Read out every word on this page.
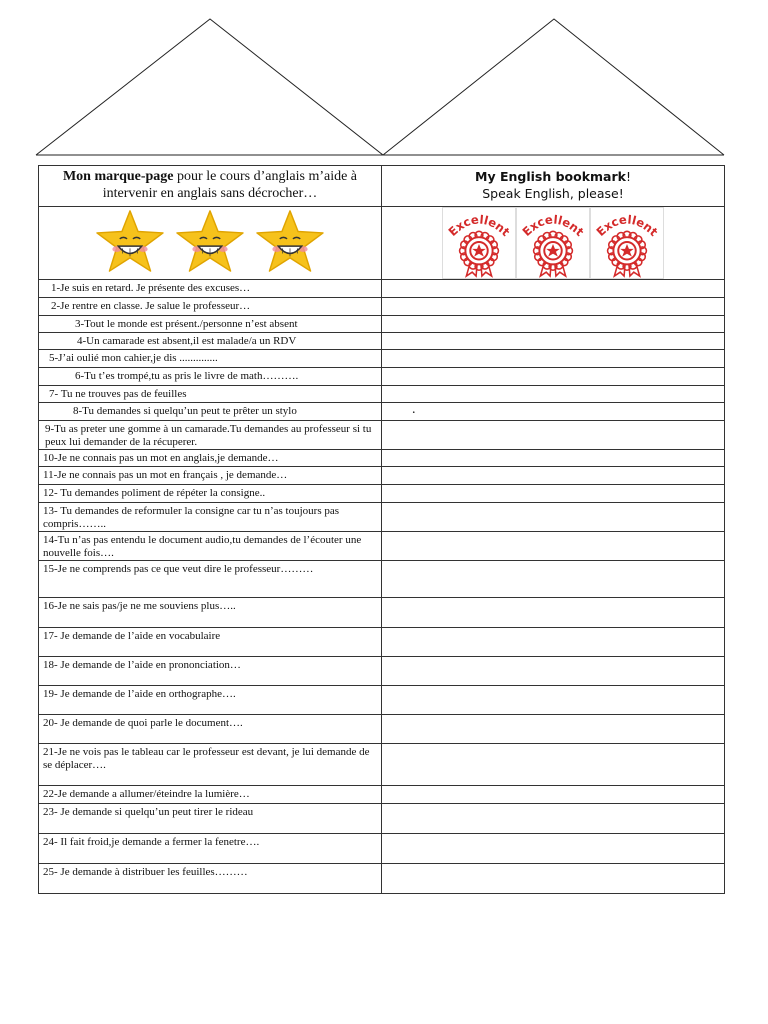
Mon marque-page pour le cours d’anglais m’aide à intervenir en anglais sans décrocher…	My English bookmark!
Speak English, please!

Excellent Excellent Excellent

1-Je suis en retard. Je présente des excuses…	
2-Je rentre en classe. Je salue le professeur…	
3-Tout le monde est présent./personne n’est absent	
4-Un camarade est absent,il est malade/a un RDV	
5-J’ai oulié mon cahier,je dis ..............	
6-Tu t’es trompé,tu as pris le livre de math……….	
7- Tu ne trouves pas de feuilles	
8-Tu demandes si quelqu’un peut te prêter un stylo	.

9-Tu as preter une gomme à un camarade.Tu demandes au professeur si tu peux lui demander de la récuperer.	
10-Je ne connais pas un mot en anglais,je demande…	
11-Je ne connais pas un mot en français , je demande…	
12- Tu demandes poliment de répéter la consigne..	
13- Tu demandes de reformuler la consigne car tu n’as toujours pas compris……..	
14-Tu n’as pas entendu le document audio,tu demandes de l’écouter une nouvelle fois….	
15-Je ne comprends pas ce que veut dire le professeur………	
16-Je ne sais pas/je ne me souviens plus…..	
17- Je demande de l’aide en vocabulaire	
18- Je demande de l’aide en prononciation…	
19- Je demande de l’aide en orthographe….	
20- Je demande de quoi parle le document….	
21-Je ne vois pas le tableau car le professeur est devant, je lui demande de se déplacer….	
22-Je demande a allumer/éteindre la lumière…	
23- Je demande si quelqu’un peut tirer le rideau	
24- Il fait froid,je demande a fermer la fenetre….	
25- Je demande à distribuer les feuilles………	
